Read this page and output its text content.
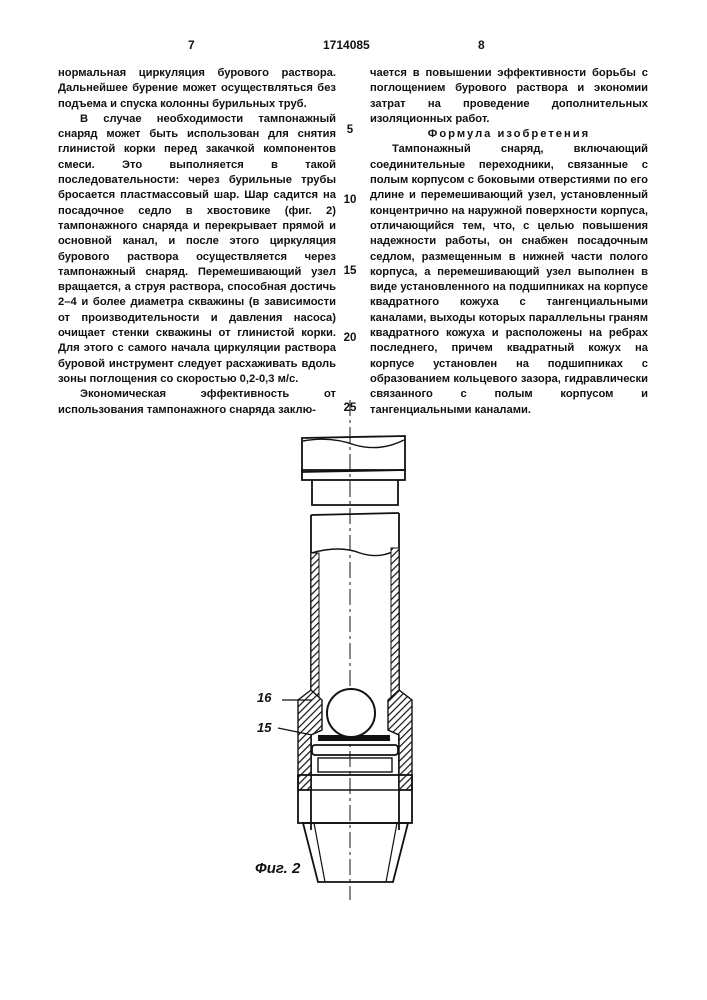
7	1714085	8

нормальная циркуляция бурового раствора. Дальнейшее бурение может осуществляться без подъема и спуска колонны бурильных труб.

В случае необходимости тампонажный снаряд может быть использован для снятия глинистой корки перед закачкой компонентов смеси. Это выполняется в такой последовательности: через бурильные трубы бросается пластмассовый шар. Шар садится на посадочное седло в хвостовике (фиг. 2) тампонажного снаряда и перекрывает прямой и основной канал, и после этого циркуляция бурового раствора осуществляется через тампонажный снаряд. Перемешивающий узел вращается, а струя раствора, способная достичь 2–4 и более диаметра скважины (в зависимости от производительности и давления насоса) очищает стенки скважины от глинистой корки. Для этого с самого начала циркуляции раствора буровой инструмент следует расхаживать вдоль зоны поглощения со скоростью 0,2-0,3 м/с.

Экономическая эффективность от использования тампонажного снаряда заклю-

чается в повышении эффективности борьбы с поглощением бурового раствора и экономии затрат на проведение дополнительных изоляционных работ.

Формула изобретения

Тампонажный снаряд, включающий соединительные переходники, связанные с полым корпусом с боковыми отверстиями по его длине и перемешивающий узел, установленный концентрично на наружной поверхности корпуса, отличающийся тем, что, с целью повышения надежности работы, он снабжен посадочным седлом, размещенным в нижней части полого корпуса, а перемешивающий узел выполнен в виде установленного на подшипниках на корпусе квадратного кожуха с тангенциальными каналами, выходы которых параллельны граням квадратного кожуха и расположены на ребрах последнего, причем квадратный кожух на корпусе установлен на подшипниках с образованием кольцевого зазора, гидравлически связанного с полым корпусом и тангенциальными каналами.

5
10
15
20
25
16
15
Фиг. 2
